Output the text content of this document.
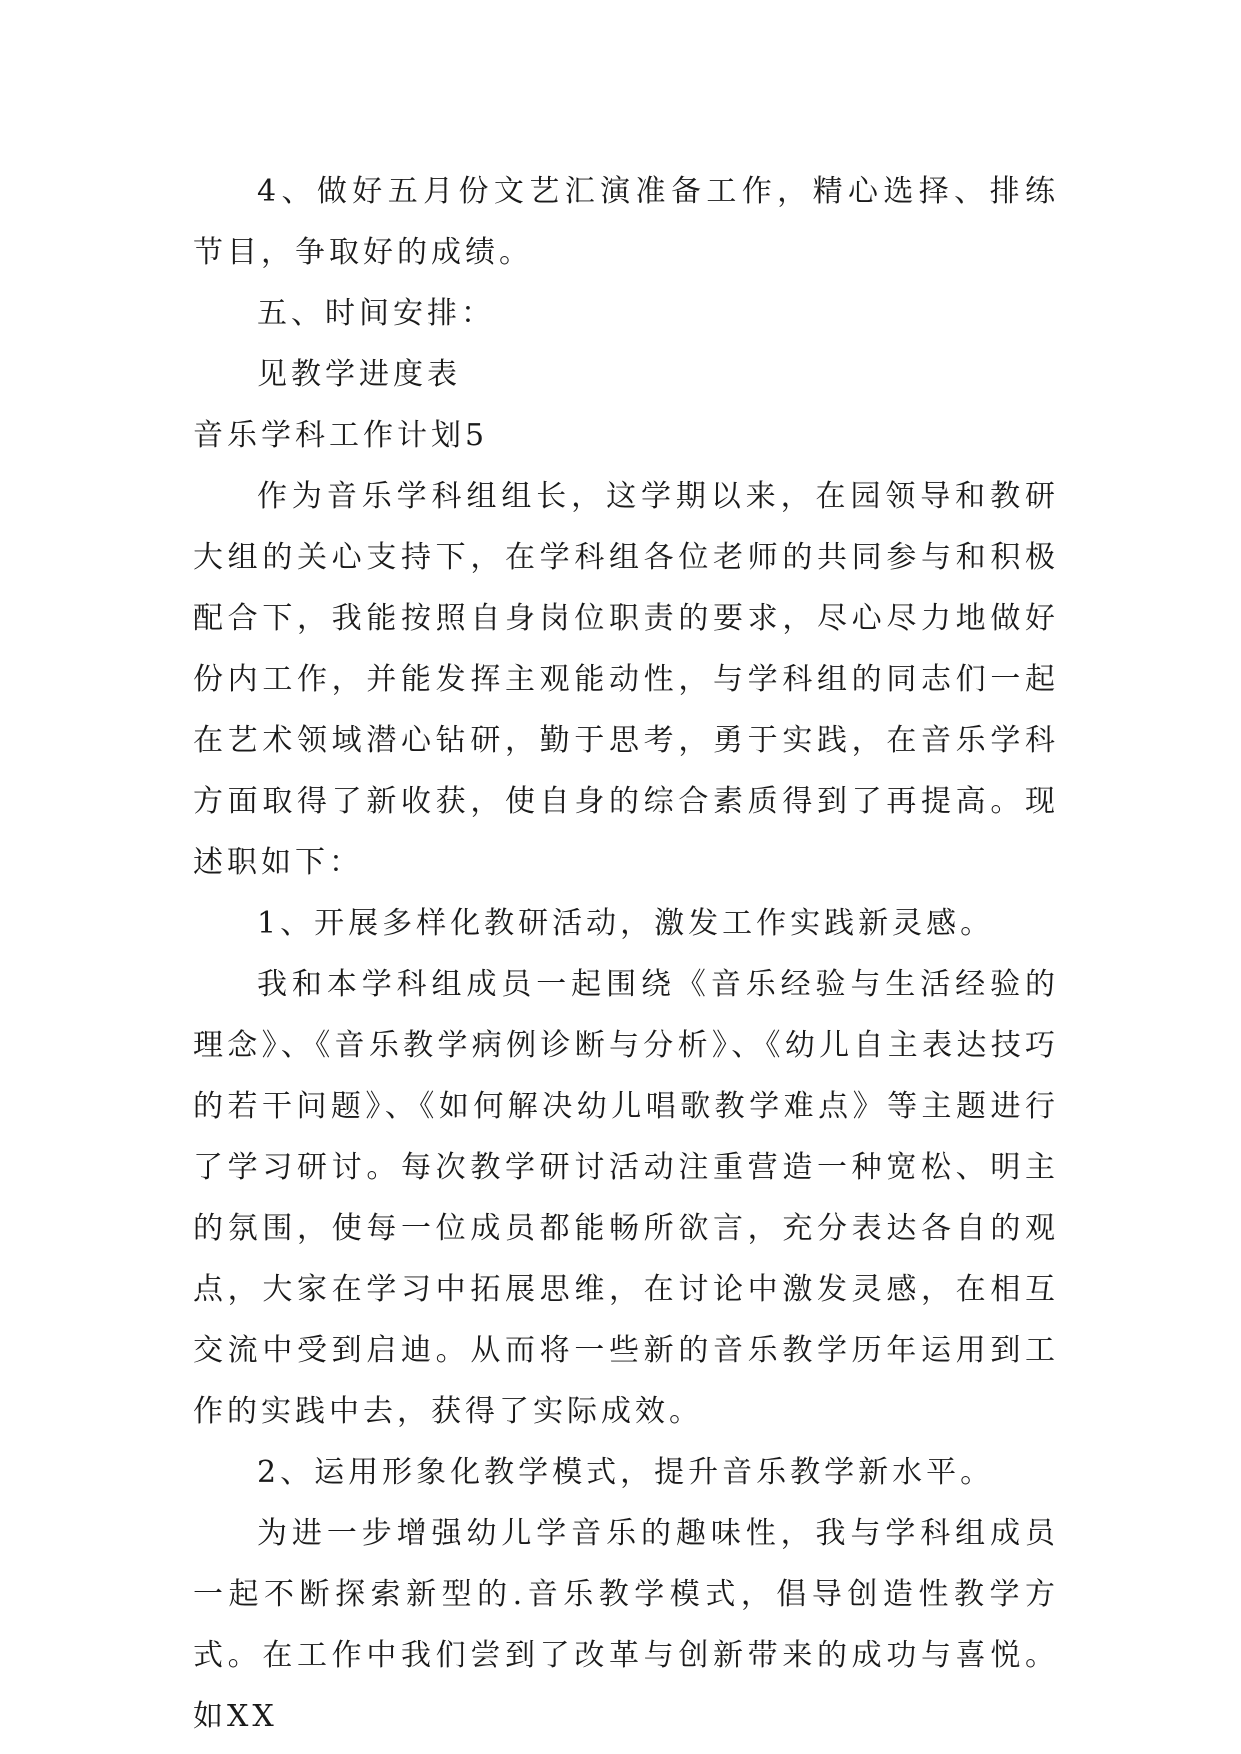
4、做好五月份文艺汇演准备工作，精心选择、排练节目，争取好的成绩。

五、时间安排：

见教学进度表

音乐学科工作计划5

作为音乐学科组组长，这学期以来，在园领导和教研大组的关心支持下，在学科组各位老师的共同参与和积极配合下，我能按照自身岗位职责的要求，尽心尽力地做好份内工作，并能发挥主观能动性，与学科组的同志们一起在艺术领域潜心钻研，勤于思考，勇于实践，在音乐学科方面取得了新收获，使自身的综合素质得到了再提高。现述职如下：

1、开展多样化教研活动，激发工作实践新灵感。

我和本学科组成员一起围绕《音乐经验与生活经验的理念》、《音乐教学病例诊断与分析》、《幼儿自主表达技巧的若干问题》、《如何解决幼儿唱歌教学难点》等主题进行了学习研讨。每次教学研讨活动注重营造一种宽松、明主的氛围，使每一位成员都能畅所欲言，充分表达各自的观点，大家在学习中拓展思维，在讨论中激发灵感，在相互交流中受到启迪。从而将一些新的音乐教学历年运用到工作的实践中去，获得了实际成效。

2、运用形象化教学模式，提升音乐教学新水平。

为进一步增强幼儿学音乐的趣味性，我与学科组成员一起不断探索新型的.音乐教学模式，倡导创造性教学方式。在工作中我们尝到了改革与创新带来的成功与喜悦。如XX
